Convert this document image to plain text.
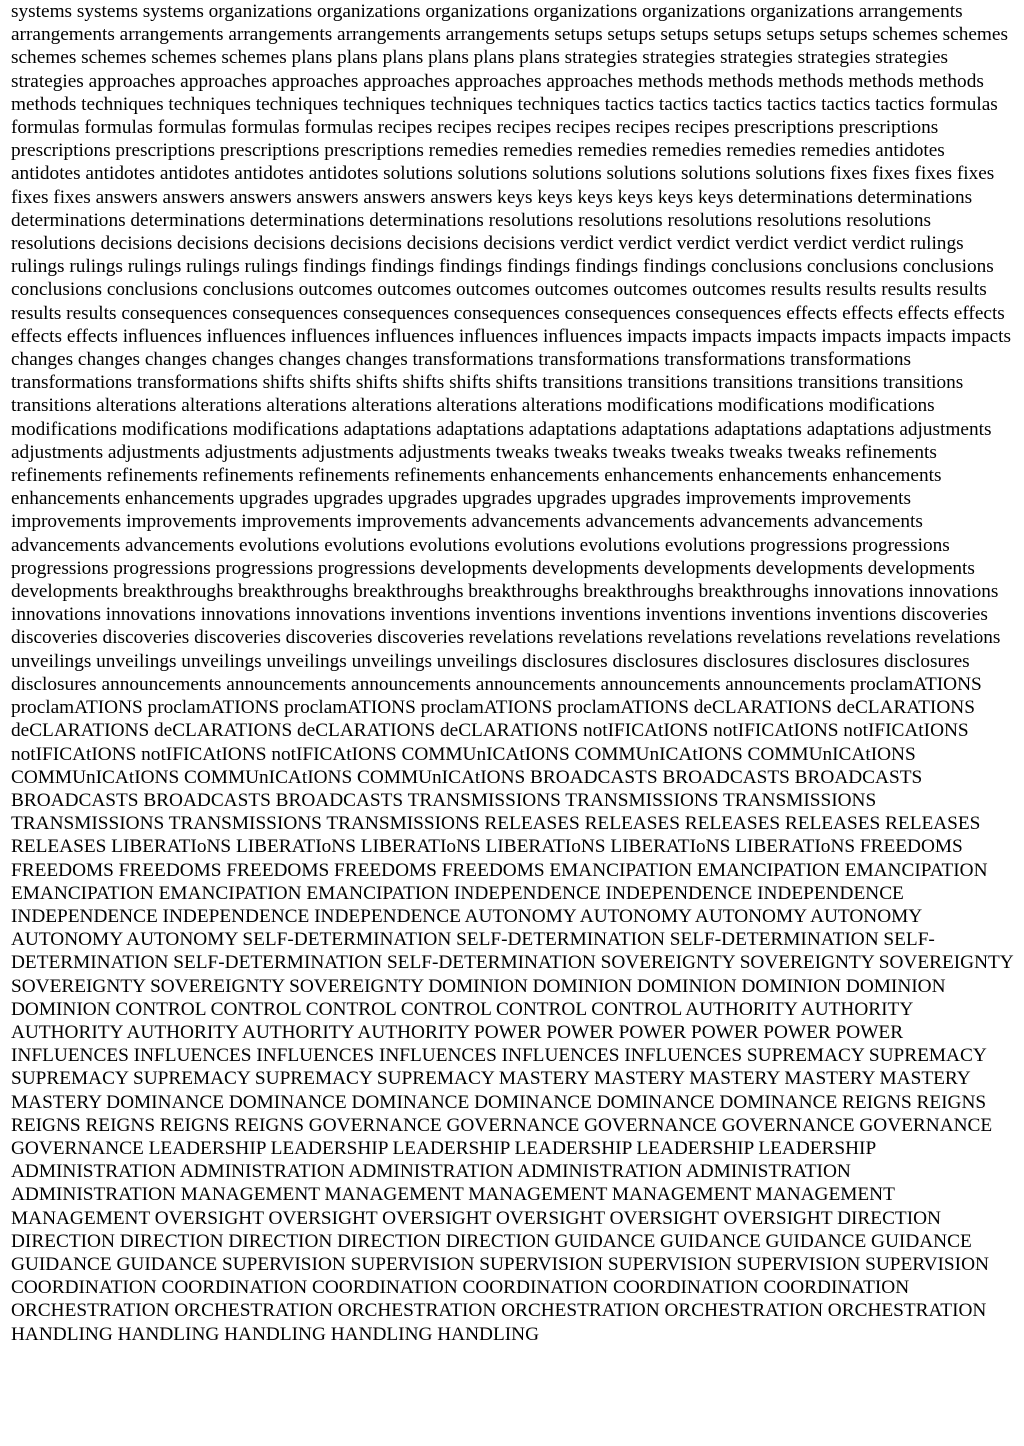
systems systems systems organizations organizations organizations organizations organizations organizations arrangements arrangements arrangements arrangements arrangements arrangements setups setups setups setups setups setups schemes schemes schemes schemes schemes schemes plans plans plans plans plans plans strategies strategies strategies strategies strategies strategies approaches approaches approaches approaches approaches approaches methods methods methods methods methods methods techniques techniques techniques techniques techniques techniques tactics tactics tactics tactics tactics tactics formulas formulas formulas formulas formulas formulas recipes recipes recipes recipes recipes recipes prescriptions prescriptions prescriptions prescriptions prescriptions prescriptions remedies remedies remedies remedies remedies remedies antidotes antidotes antidotes antidotes antidotes antidotes solutions solutions solutions solutions solutions solutions fixes fixes fixes fixes fixes fixes answers answers answers answers answers answers keys keys keys keys keys keys determinations determinations determinations determinations determinations determinations resolutions resolutions resolutions resolutions resolutions resolutions decisions decisions decisions decisions decisions decisions verdict verdict verdict verdict verdict verdict rulings rulings rulings rulings rulings rulings findings findings findings findings findings findings conclusions conclusions conclusions conclusions conclusions conclusions outcomes outcomes outcomes outcomes outcomes outcomes results results results results results results consequences consequences consequences consequences consequences consequences effects effects effects effects effects effects influences influences influences influences influences influences impacts impacts impacts impacts impacts impacts changes changes changes changes changes changes transformations transformations transformations transformations transformations transformations shifts shifts shifts shifts shifts shifts transitions transitions transitions transitions transitions transitions alterations alterations alterations alterations alterations alterations modifications modifications modifications modifications modifications modifications adaptations adaptations adaptations adaptations adaptations adaptations adjustments adjustments adjustments adjustments adjustments adjustments tweaks tweaks tweaks tweaks tweaks tweaks refinements refinements refinements refinements refinements refinements enhancements enhancements enhancements enhancements enhancements enhancements upgrades upgrades upgrades upgrades upgrades upgrades improvements improvements improvements improvements improvements improvements advancements advancements advancements advancements advancements advancements evolutions evolutions evolutions evolutions evolutions evolutions progressions progressions progressions progressions progressions progressions developments developments developments developments developments developments breakthroughs breakthroughs breakthroughs breakthroughs breakthroughs breakthroughs innovations innovations innovations innovations innovations innovations inventions inventions inventions inventions inventions inventions discoveries discoveries discoveries discoveries discoveries discoveries revelations revelations revelations revelations revelations revelations unveilings unveilings unveilings unveilings unveilings unveilings disclosures disclosures disclosures disclosures disclosures disclosures announcements announcements announcements announcements announcements announcements proclamATIONS proclamATIONS proclamATIONS proclamATIONS proclamATIONS proclamATIONS deCLARATIONS deCLARATIONS deCLARATIONS deCLARATIONS deCLARATIONS deCLARATIONS notIFICAtIONS notIFICAtIONS notIFICAtIONS notIFICAtIONS notIFICAtIONS notIFICAtIONS COMMUnICAtIONS COMMUnICAtIONS COMMUnICAtIONS COMMUnICAtIONS COMMUnICAtIONS COMMUnICAtIONS BROADCASTS BROADCASTS BROADCASTS BROADCASTS BROADCASTS BROADCASTS TRANSMISSIONS TRANSMISSIONS TRANSMISSIONS TRANSMISSIONS TRANSMISSIONS TRANSMISSIONS RELEASES RELEASES RELEASES RELEASES RELEASES RELEASES LIBERATIoNS LIBERATIoNS LIBERATIoNS LIBERATIoNS LIBERATIoNS LIBERATIoNS FREEDOMS FREEDOMS FREEDOMS FREEDOMS FREEDOMS FREEDOMS EMANCIPATION EMANCIPATION EMANCIPATION EMANCIPATION EMANCIPATION EMANCIPATION INDEPENDENCE INDEPENDENCE INDEPENDENCE INDEPENDENCE INDEPENDENCE INDEPENDENCE AUTONOMY AUTONOMY AUTONOMY AUTONOMY AUTONOMY AUTONOMY SELF-DETERMINATION SELF-DETERMINATION SELF-DETERMINATION SELF-DETERMINATION SELF-DETERMINATION SELF-DETERMINATION SOVEREIGNTY SOVEREIGNTY SOVEREIGNTY SOVEREIGNTY SOVEREIGNTY SOVEREIGNTY DOMINION DOMINION DOMINION DOMINION DOMINION DOMINION CONTROL CONTROL CONTROL CONTROL CONTROL CONTROL AUTHORITY AUTHORITY AUTHORITY AUTHORITY AUTHORITY AUTHORITY POWER POWER POWER POWER POWER POWER INFLUENCES INFLUENCES INFLUENCES INFLUENCES INFLUENCES INFLUENCES SUPREMACY SUPREMACY SUPREMACY SUPREMACY SUPREMACY SUPREMACY MASTERY MASTERY MASTERY MASTERY MASTERY MASTERY DOMINANCE DOMINANCE DOMINANCE DOMINANCE DOMINANCE DOMINANCE REIGNS REIGNS REIGNS REIGNS REIGNS REIGNS GOVERNANCE GOVERNANCE GOVERNANCE GOVERNANCE GOVERNANCE GOVERNANCE LEADERSHIP LEADERSHIP LEADERSHIP LEADERSHIP LEADERSHIP LEADERSHIP ADMINISTRATION ADMINISTRATION ADMINISTRATION ADMINISTRATION ADMINISTRATION ADMINISTRATION MANAGEMENT MANAGEMENT MANAGEMENT MANAGEMENT MANAGEMENT MANAGEMENT OVERSIGHT OVERSIGHT OVERSIGHT OVERSIGHT OVERSIGHT OVERSIGHT DIRECTION DIRECTION DIRECTION DIRECTION DIRECTION DIRECTION GUIDANCE GUIDANCE GUIDANCE GUIDANCE GUIDANCE GUIDANCE SUPERVISION SUPERVISION SUPERVISION SUPERVISION SUPERVISION SUPERVISION COORDINATION COORDINATION COORDINATION COORDINATION COORDINATION COORDINATION ORCHESTRATION ORCHESTRATION ORCHESTRATION ORCHESTRATION ORCHESTRATION ORCHESTRATION HANDLING HANDLING HANDLING HANDLING HANDLING
